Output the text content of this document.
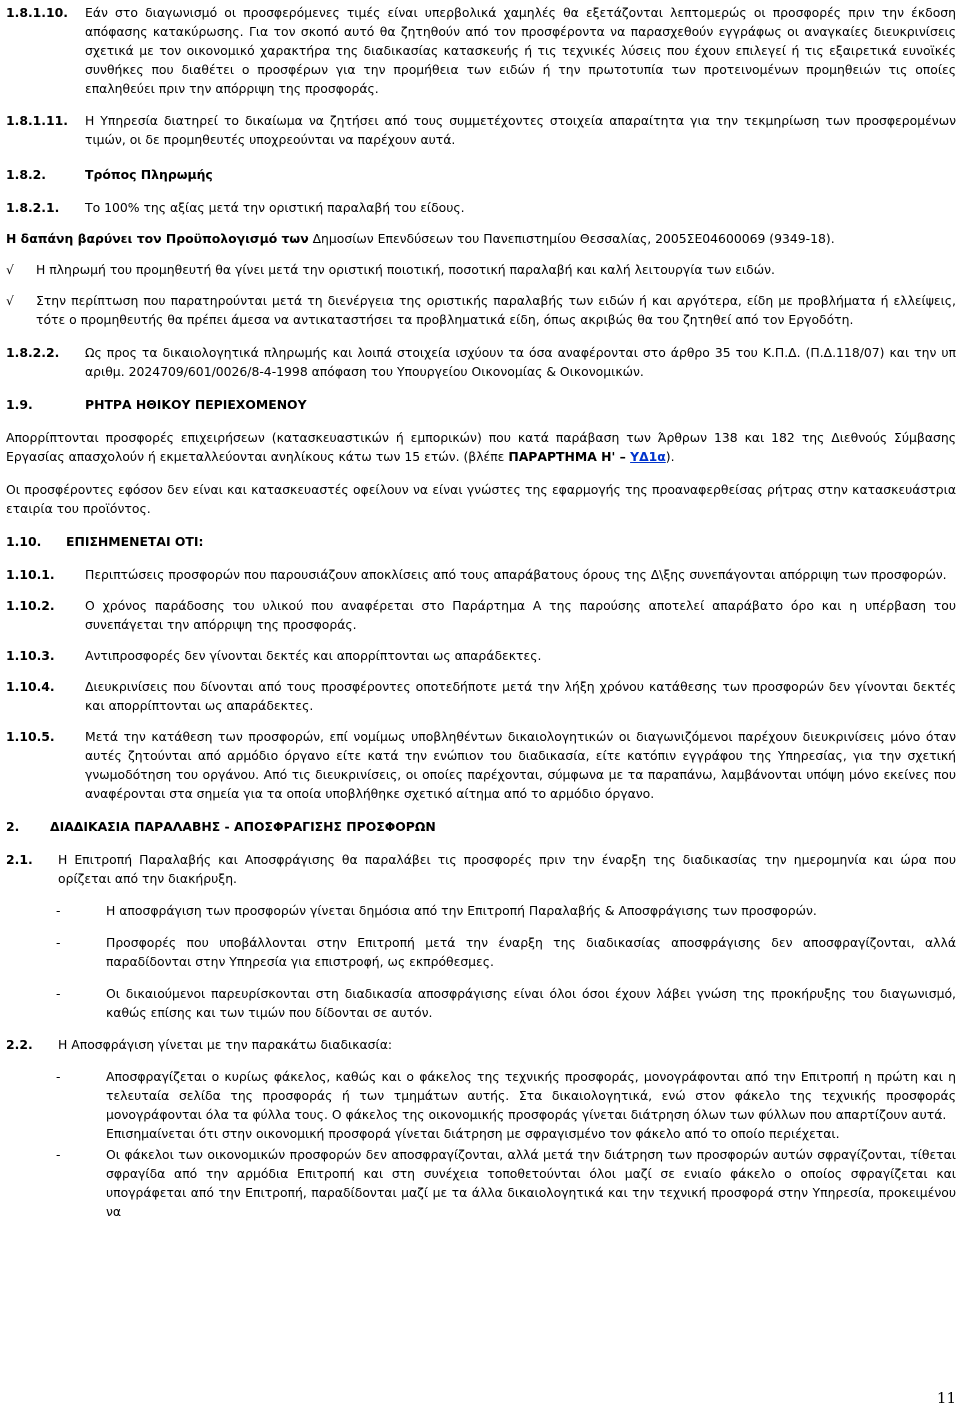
1.8.1.10.	Εάν στο διαγωνισμό οι προσφερόμενες τιμές είναι υπερβολικά χαμηλές θα εξετάζονται λεπτομερώς οι προσφορές πριν την έκδοση απόφασης κατακύρωσης. Για τον σκοπό αυτό θα ζητηθούν από τον προσφέροντα να παρασχεθούν εγγράφως οι αναγκαίες διευκρινίσεις σχετικά με τον οικονομικό χαρακτήρα της διαδικασίας κατασκευής ή τις τεχνικές λύσεις που έχουν επιλεγεί ή τις εξαιρετικά ευνοϊκές συνθήκες που διαθέτει ο προσφέρων για την προμήθεια των ειδών ή την πρωτοτυπία των προτεινομένων προμηθειών τις οποίες επαληθεύει πριν την απόρριψη της προσφοράς.

1.8.1.11.	Η Υπηρεσία διατηρεί το δικαίωμα να ζητήσει από τους συμμετέχοντες στοιχεία απαραίτητα για την τεκμηρίωση των προσφερομένων τιμών, οι δε προμηθευτές υποχρεούνται να παρέχουν αυτά.

1.8.2.	Τρόπος Πληρωμής

1.8.2.1.	Το 100% της αξίας μετά την οριστική παραλαβή του είδους.

Η δαπάνη βαρύνει τον Προϋπολογισμό των Δημοσίων Επενδύσεων του Πανεπιστημίου Θεσσαλίας, 2005ΣΕ04600069 (9349-18).

√	Η πληρωμή του προμηθευτή θα γίνει μετά την οριστική ποιοτική, ποσοτική παραλαβή και καλή λειτουργία των ειδών.

√	Στην περίπτωση που παρατηρούνται μετά τη διενέργεια της οριστικής παραλαβής των ειδών ή και αργότερα, είδη με προβλήματα ή ελλείψεις, τότε ο προμηθευτής θα πρέπει άμεσα να αντικαταστήσει τα προβληματικά είδη, όπως ακριβώς θα του ζητηθεί από τον Εργοδότη.

1.8.2.2.	Ως προς τα δικαιολογητικά πληρωμής και λοιπά στοιχεία ισχύουν τα όσα αναφέρονται στο άρθρο 35 του Κ.Π.Δ. (Π.Δ.118/07) και την υπ αριθμ. 2024709/601/0026/8-4-1998 απόφαση του Υπουργείου Οικονομίας & Οικονομικών.

1.9.	ΡΗΤΡΑ ΗΘΙΚΟΥ ΠΕΡΙΕΧΟΜΕΝΟΥ

Απορρίπτονται προσφορές επιχειρήσεων (κατασκευαστικών ή εμπορικών) που κατά παράβαση των Άρθρων 138 και 182 της Διεθνούς Σύμβασης Εργασίας απασχολούν ή εκμεταλλεύονται ανηλίκους κάτω των 15 ετών. (βλέπε ΠΑΡΑΡΤΗΜΑ Η' – ΥΔ1α).

Οι προσφέροντες εφόσον δεν είναι και κατασκευαστές οφείλουν να είναι γνώστες της εφαρμογής της προαναφερθείσας ρήτρας στην κατασκευάστρια εταιρία του προϊόντος.

1.10.	ΕΠΙΣΗΜΕΝΕΤΑΙ ΟΤΙ:

1.10.1.	Περιπτώσεις προσφορών που παρουσιάζουν αποκλίσεις από τους απαράβατους όρους της Δ\ξης συνεπάγονται απόρριψη των προσφορών.

1.10.2.	Ο χρόνος παράδοσης του υλικού που αναφέρεται στο Παράρτημα Α της παρούσης αποτελεί απαράβατο όρο και η υπέρβαση του συνεπάγεται την απόρριψη της προσφοράς.

1.10.3.	Αντιπροσφορές δεν γίνονται δεκτές και απορρίπτονται ως απαράδεκτες.

1.10.4.	Διευκρινίσεις που δίνονται από τους προσφέροντες οποτεδήποτε μετά την λήξη χρόνου κατάθεσης των προσφορών δεν γίνονται δεκτές και απορρίπτονται ως απαράδεκτες.

1.10.5.	Μετά την κατάθεση των προσφορών, επί νομίμως υποβληθέντων δικαιολογητικών οι διαγωνιζόμενοι παρέχουν διευκρινίσεις μόνο όταν αυτές ζητούνται από αρμόδιο όργανο είτε κατά την ενώπιον του διαδικασία, είτε κατόπιν εγγράφου της Υπηρεσίας, για την σχετική γνωμοδότηση του οργάνου. Από τις διευκρινίσεις, οι οποίες παρέχονται, σύμφωνα με τα παραπάνω, λαμβάνονται υπόψη μόνο εκείνες που αναφέρονται στα σημεία για τα οποία υποβλήθηκε σχετικό αίτημα από το αρμόδιο όργανο.

2.	ΔΙΑΔΙΚΑΣΙΑ ΠΑΡΑΛΑΒΗΣ - ΑΠΟΣΦΡΑΓΙΣΗΣ ΠΡΟΣΦΟΡΩΝ

2.1.	Η Επιτροπή Παραλαβής και Αποσφράγισης θα παραλάβει τις προσφορές πριν την έναρξη της διαδικασίας την ημερομηνία και ώρα που ορίζεται από την διακήρυξη.

-	Η αποσφράγιση των προσφορών γίνεται δημόσια από την Επιτροπή Παραλαβής & Αποσφράγισης των προσφορών.

-	Προσφορές που υποβάλλονται στην Επιτροπή μετά την έναρξη της διαδικασίας αποσφράγισης δεν αποσφραγίζονται, αλλά παραδίδονται στην Υπηρεσία για επιστροφή, ως εκπρόθεσμες.

-	Οι δικαιούμενοι παρευρίσκονται στη διαδικασία αποσφράγισης είναι όλοι όσοι έχουν λάβει γνώση της προκήρυξης του διαγωνισμό, καθώς επίσης και των τιμών που δίδονται σε αυτόν.

2.2.	Η Αποσφράγιση γίνεται με την παρακάτω διαδικασία:

-	Αποσφραγίζεται ο κυρίως φάκελος, καθώς και ο φάκελος της τεχνικής προσφοράς, μονογράφονται από την Επιτροπή η πρώτη και η τελευταία σελίδα της προσφοράς ή των τμημάτων αυτής. Στα δικαιολογητικά, ενώ στον φάκελο της τεχνικής προσφοράς μονογράφονται όλα τα φύλλα τους. Ο φάκελος της οικονομικής προσφοράς γίνεται διάτρηση όλων των φύλλων που απαρτίζουν αυτά.

Επισημαίνεται ότι στην οικονομική προσφορά γίνεται διάτρηση με σφραγισμένο τον φάκελο από το οποίο περιέχεται.

-	Οι φάκελοι των οικονομικών προσφορών δεν αποσφραγίζονται, αλλά μετά την διάτρηση των προσφορών αυτών σφραγίζονται, τίθεται σφραγίδα από την αρμόδια Επιτροπή και στη συνέχεια τοποθετούνται όλοι μαζί σε ενιαίο φάκελο ο οποίος σφραγίζεται και υπογράφεται από την Επιτροπή, παραδίδονται μαζί με τα άλλα δικαιολογητικά και την τεχνική προσφορά στην Υπηρεσία, προκειμένου να

11
